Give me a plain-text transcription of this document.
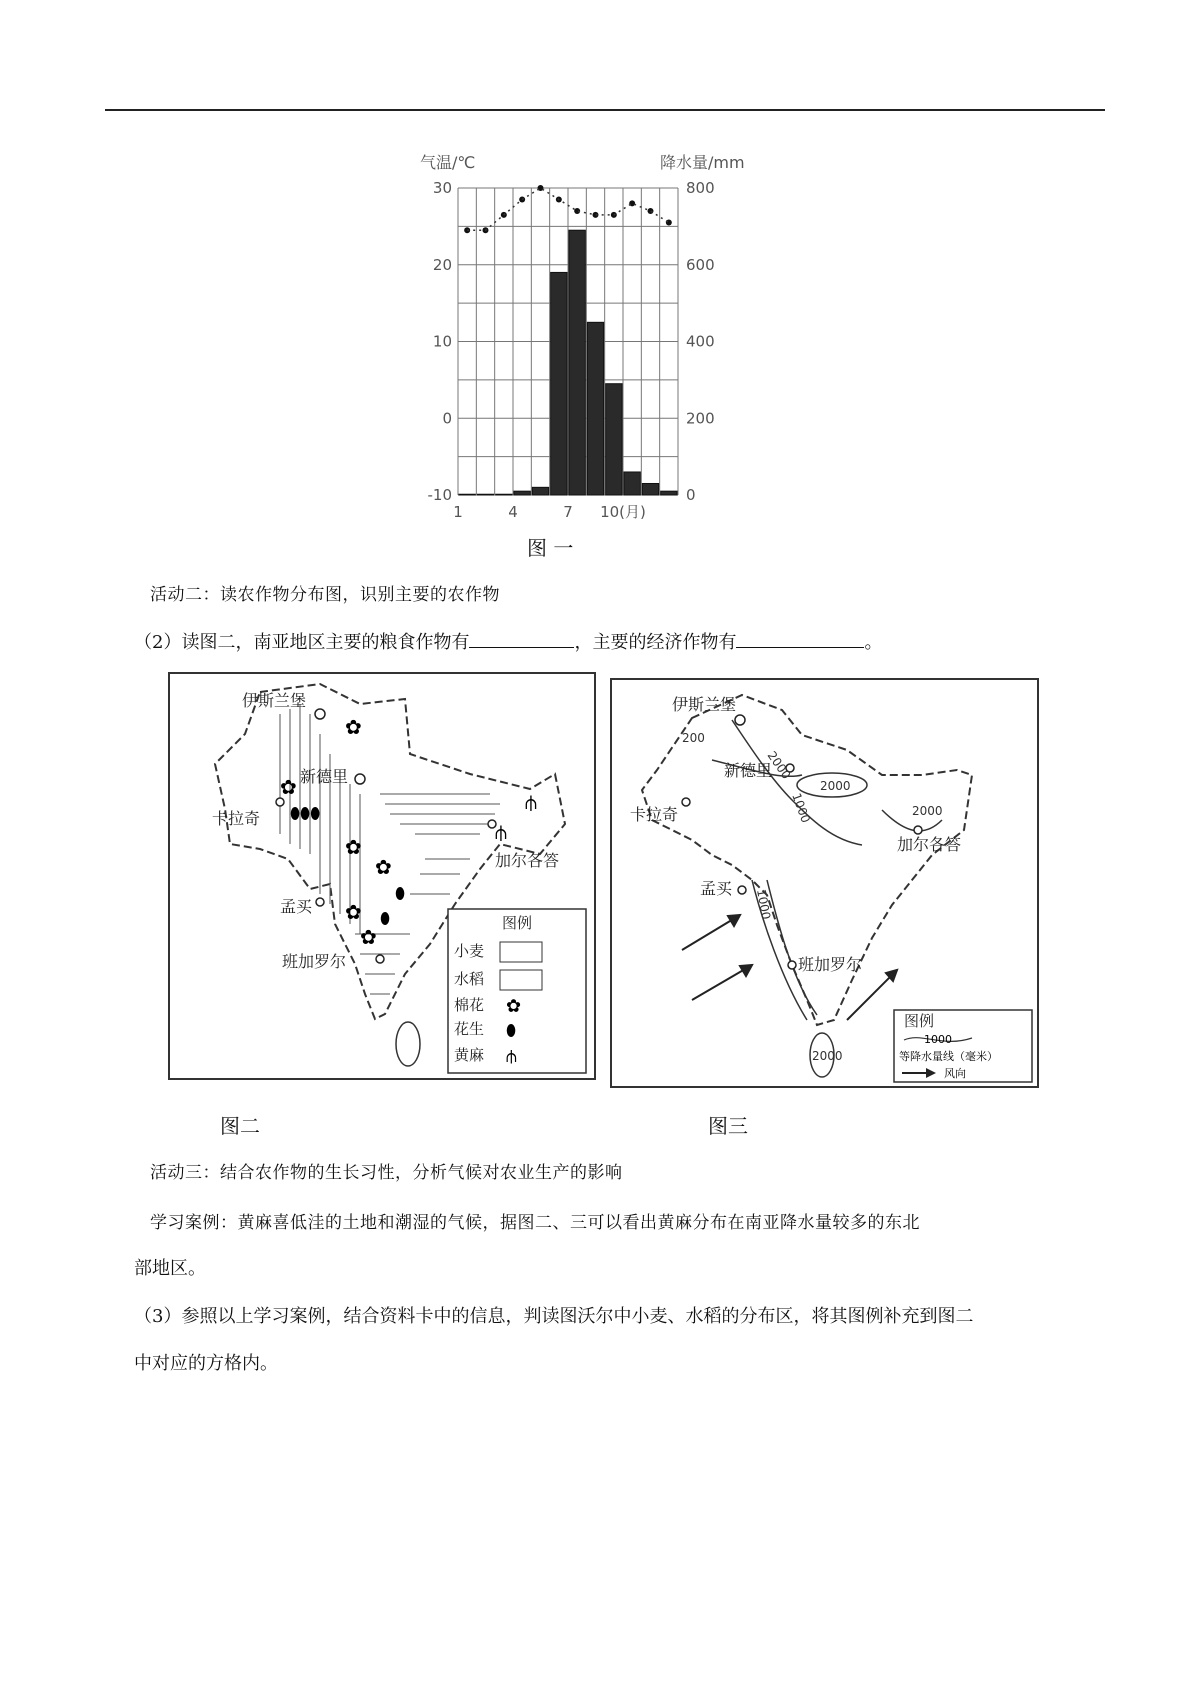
气温/℃	降水量/mm
30
20
10
0
-10
800
600
400
200
0
1	4	7 10(月)
图 一
活动二：读农作物分布图，识别主要的农作物
（2）读图二，南亚地区主要的粮食作物有	，主要的经济作物有	。
伊斯兰堡
新德里
卡拉奇
加尔各答
孟买
班加罗尔
✿
✿
✿
✿
✿
✿
⬮⬮⬮
⬮
⬮
⫛
⫛
图例
小麦
水稻
棉花 ✿
花生 ⬮
黄麻 ⫛
伊斯兰堡
新德里
卡拉奇
加尔各答
孟买
班加罗尔
200
2000
1000
2000
2000
1000
2000
图例
1000
等降水量线（毫米）
风向
图二	图三
活动三：结合农作物的生长习性，分析气候对农业生产的影响
学习案例：黄麻喜低洼的土地和潮湿的气候，据图二、三可以看出黄麻分布在南亚降水量较多的东北
部地区。
（3）参照以上学习案例，结合资料卡中的信息，判读图沃尔中小麦、水稻的分布区，将其图例补充到图二
中对应的方格内。
